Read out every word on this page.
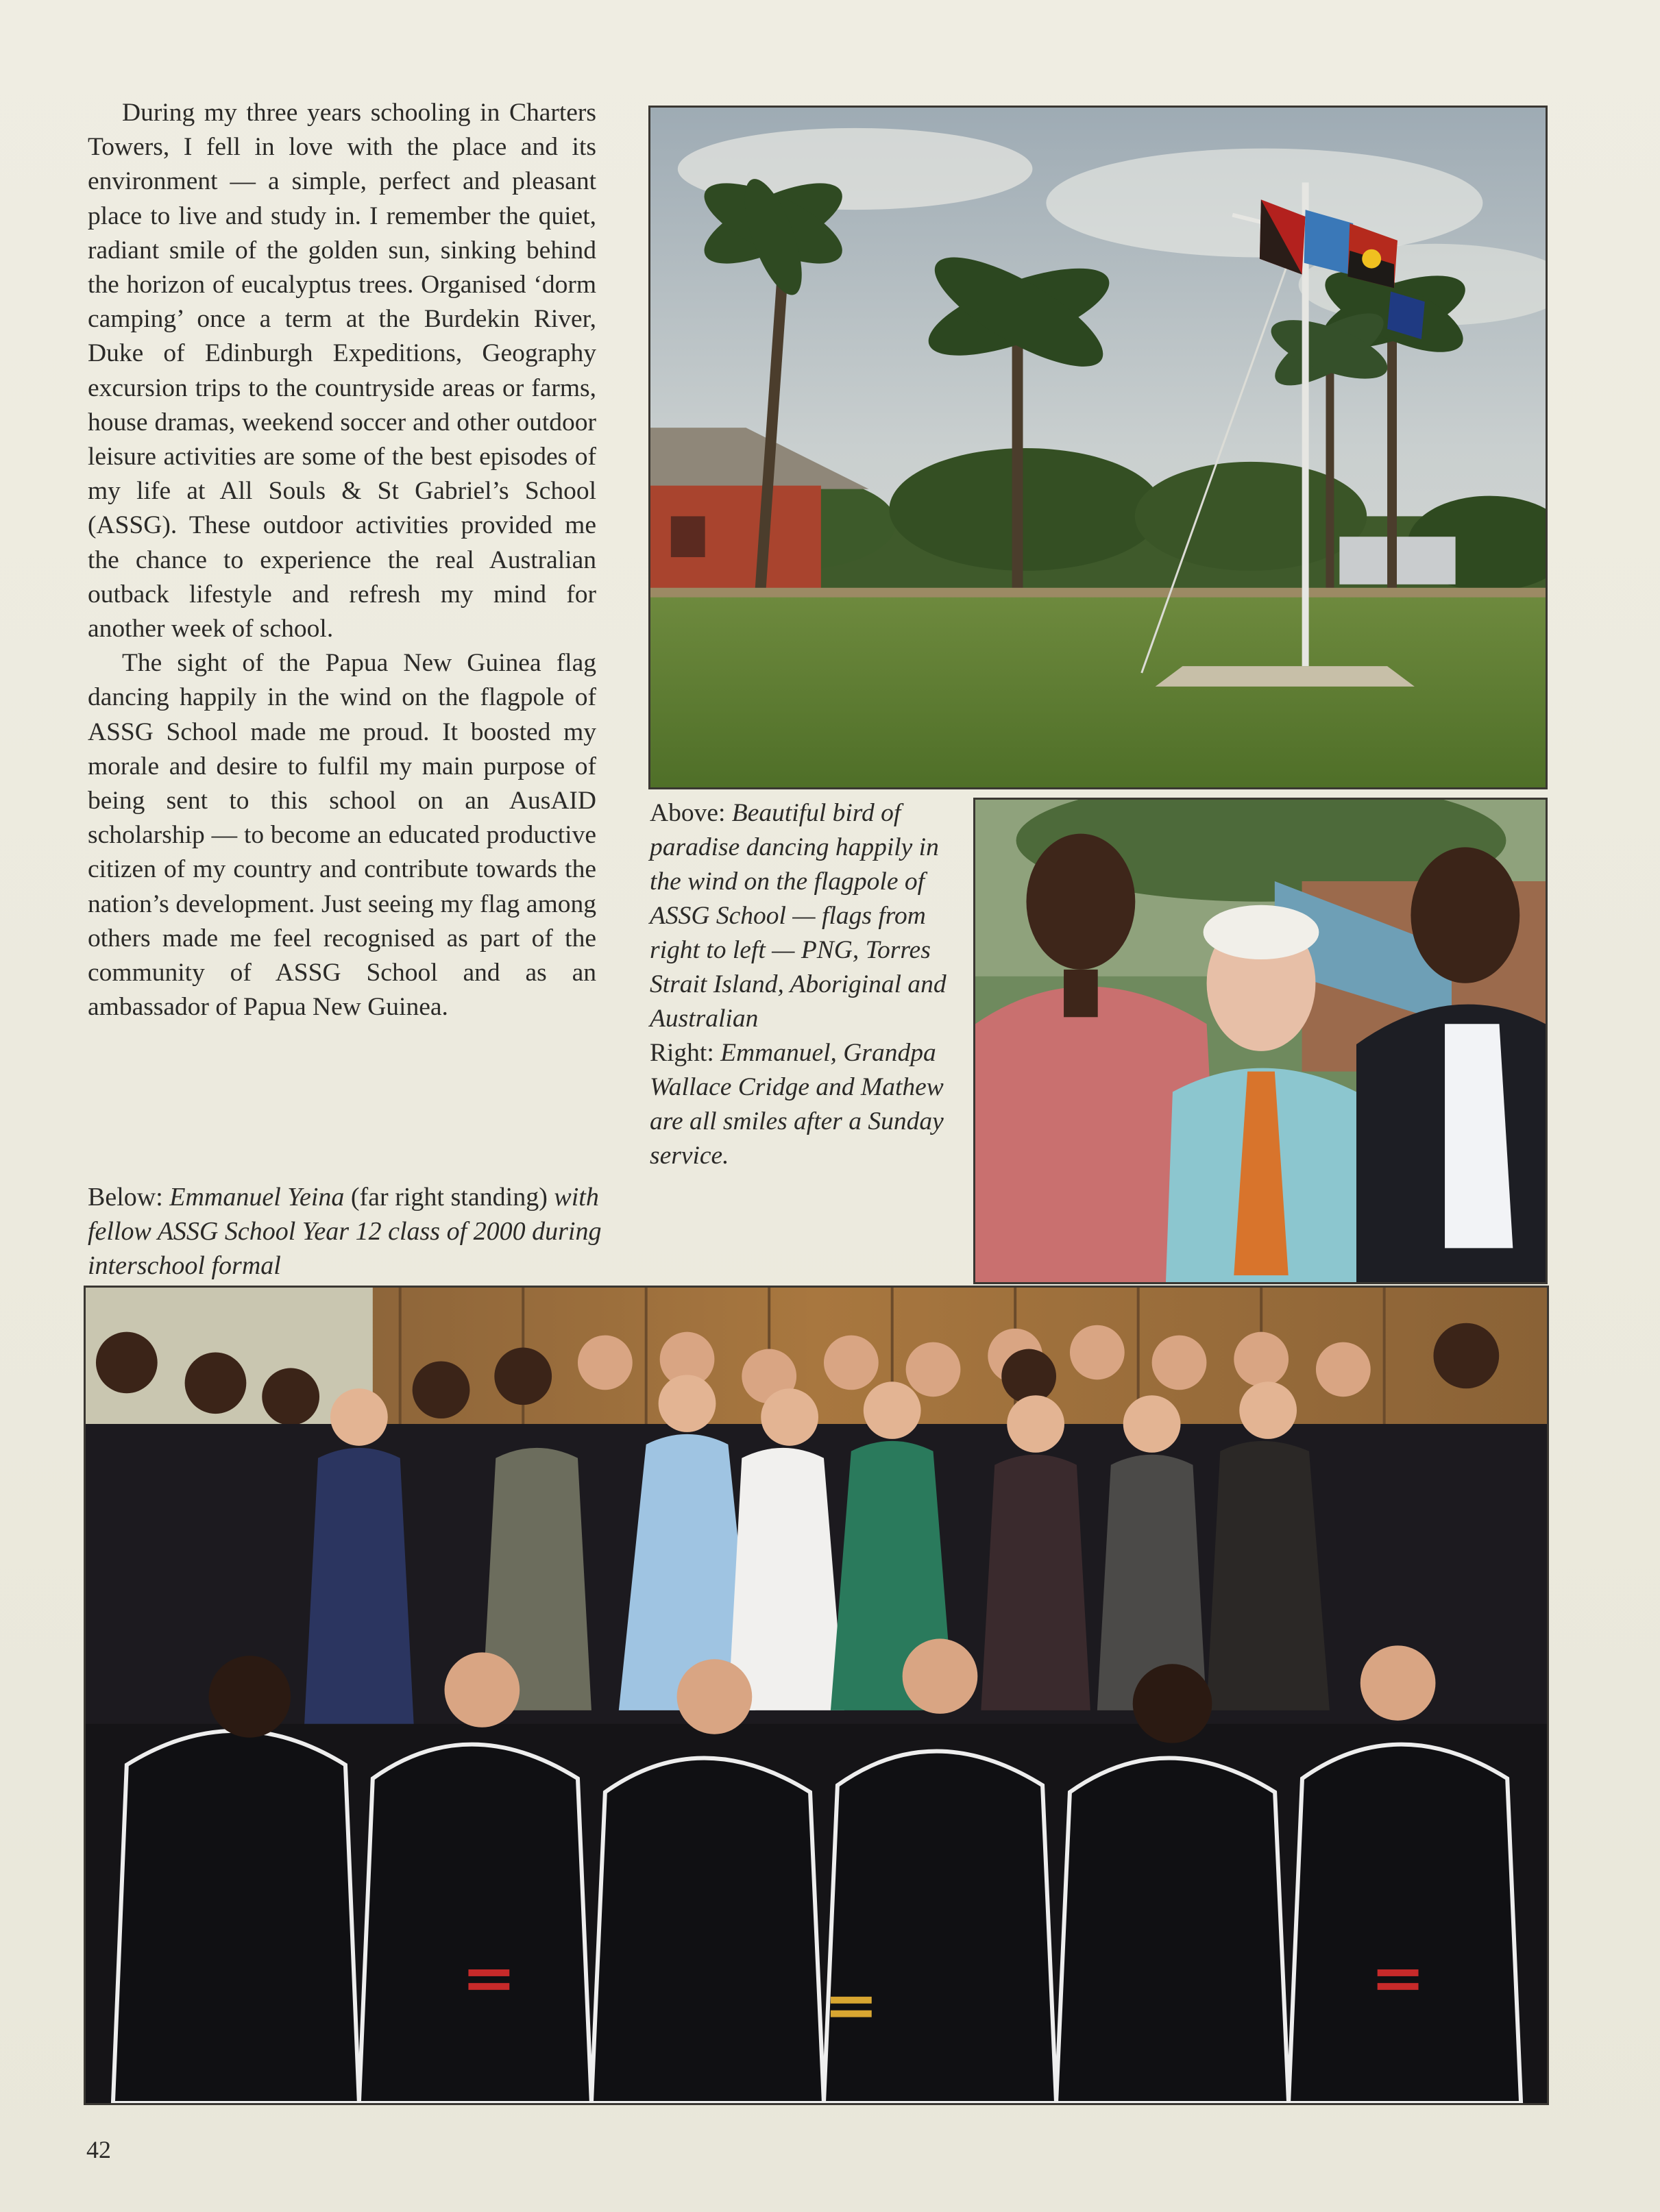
During my three years schooling in Charters Towers, I fell in love with the place and its environment — a simple, perfect and pleasant place to live and study in. I remember the quiet, radiant smile of the golden sun, sinking behind the horizon of eucalyptus trees. Organised ‘dorm camping’ once a term at the Burdekin River, Duke of Edinburgh Expeditions, Geography excursion trips to the countryside areas or farms, house dramas, weekend soccer and other outdoor leisure activities are some of the best episodes of my life at All Souls & St Gabriel’s School (ASSG). These outdoor activities provided me the chance to experience the real Australian outback lifestyle and refresh my mind for another week of school.

The sight of the Papua New Guinea flag dancing happily in the wind on the flagpole of ASSG School made me proud. It boosted my morale and desire to fulfil my main purpose of being sent to this school on an AusAID scholarship — to become an educated productive citizen of my country and contribute towards the nation’s development. Just seeing my flag among others made me feel recognised as part of the community of ASSG School and as an ambassador of Papua New Guinea.

Above: Beautiful bird of paradise dancing happily in the wind on the flagpole of ASSG School — flags from right to left — PNG, Torres Strait Island, Aboriginal and Australian
Right: Emmanuel, Grandpa Wallace Cridge and Mathew are all smiles after a Sunday service.
Below: Emmanuel Yeina (far right standing) with fellow ASSG School Year 12 class of 2000 during interschool formal
42
